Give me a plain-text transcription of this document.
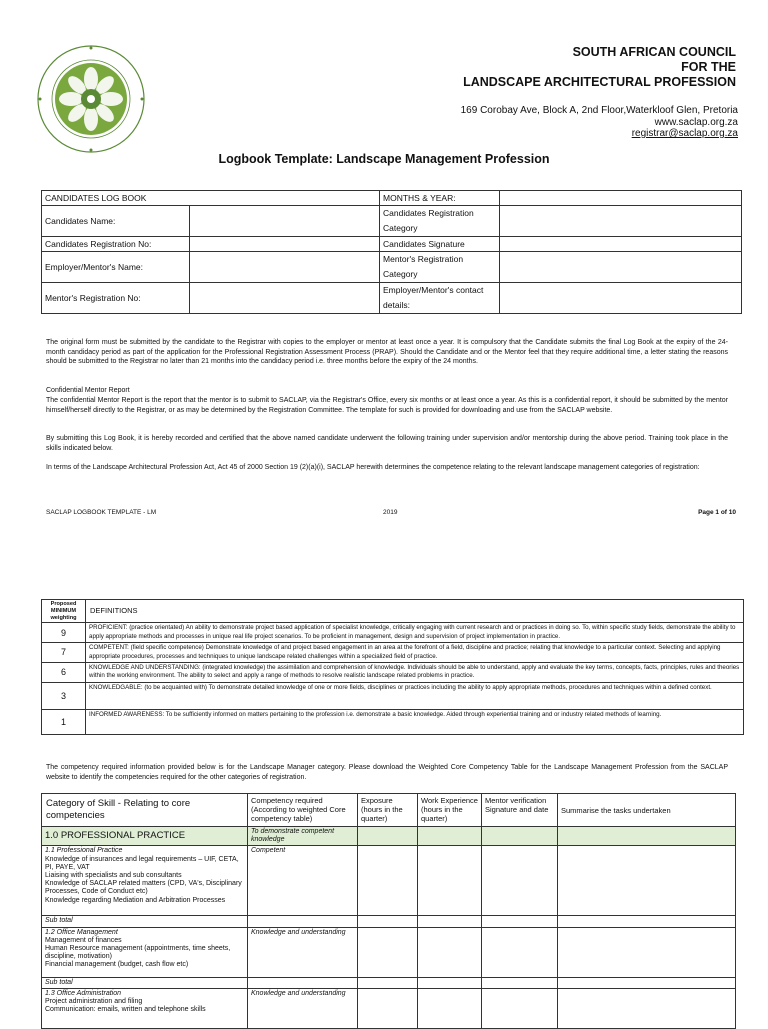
SOUTH AFRICAN COUNCIL
FOR THE
LANDSCAPE ARCHITECTURAL PROFESSION
169 Corobay Ave, Block A, 2nd Floor,Waterkloof Glen, Pretoria
www.saclap.org.za
registrar@saclap.org.za
Logbook Template: Landscape Management Profession
CANDIDATES LOG BOOK		MONTHS & YEAR:	
Candidates Name:		Candidates Registration
Category	
Candidates Registration No:		Candidates Signature	
Employer/Mentor's Name:		Mentor's Registration
Category	
Mentor's Registration No:		Employer/Mentor's contact
details:	
The original form must be submitted by the candidate to the Registrar with copies to the employer or mentor at least once a year. It is compulsory that the Candidate submits the final Log Book at the expiry of the 24-month candidacy period as part of the application for the Professional Registration Assessment Process (PRAP). Should the Candidate and or the Mentor feel that they require additional time, a letter stating the reasons should be submitted to the Registrar no later than 21 months into the candidacy period i.e. three months before the expiry of the 24 months.
Confidential Mentor Report
The confidential Mentor Report is the report that the mentor is to submit to SACLAP, via the Registrar's Office, every six months or at least once a year. As this is a confidential report, it should be submitted by the mentor himself/herself directly to the Registrar, or as may be determined by the Registration Committee. The template for such is provided for downloading and use from the SACLAP website.
By submitting this Log Book, it is hereby recorded and certified that the above named candidate underwent the following training under supervision and/or mentorship during the above period. Training took place in the skills indicated below.
In terms of the Landscape Architectural Profession Act, Act 45 of 2000 Section 19 (2)(a)(i), SACLAP herewith determines the competence relating to the relevant landscape management categories of registration:
SACLAP LOGBOOK TEMPLATE - LM	2019	Page 1 of 10
Proposed MINIMUM weighting	DEFINITIONS
9	PROFICIENT: (practice orientated) An ability to demonstrate project based application of specialist knowledge, critically engaging with current research and or practices in doing so. To, within specific study fields, demonstrate the ability to apply appropriate methods and processes in unique real life project scenarios. To be proficient in management, design and supervision of project implementation in practice.
7	COMPETENT: (field specific competence) Demonstrate knowledge of and project based engagement in an area at the forefront of a field, discipline and practice; relating that knowledge to a particular context. Selecting and applying appropriate procedures, processes and techniques to unique landscape related challenges within a specialized field of practice.
6	KNOWLEDGE AND UNDERSTANDING: (integrated knowledge) the assimilation and comprehension of knowledge. Individuals should be able to understand, apply and evaluate the key terms, concepts, facts, principles, rules and theories within the working environment. The ability to select and apply a range of methods to resolve realistic landscape related problems in practice.
3	KNOWLEDGABLE: (to be acquainted with) To demonstrate detailed knowledge of one or more fields, disciplines or practices including the ability to apply appropriate methods, procedures and techniques within a defined context.
1	INFORMED AWARENESS: To be sufficiently informed on matters pertaining to the profession i.e. demonstrate a basic knowledge. Aided through experiential training and or industry related methods of learning.
The competency required information provided below is for the Landscape Manager category. Please download the Weighted Core Competency Table for the Landscape Management Profession from the SACLAP website to identify the competencies required for the other categories of registration.
Category of Skill - Relating to core competencies	Competency required (According to weighted Core competency table)	Exposure (hours in the quarter)	Work Experience (hours in the quarter)	Mentor verification Signature and date	Summarise the tasks undertaken
1.0 PROFESSIONAL PRACTICE	To demonstrate competent knowledge				

1.1 Professional Practice
Knowledge of insurances and legal requirements – UIF, CETA, PI, PAYE, VAT
Liaising with specialists and sub consultants
Knowledge of SACLAP related matters (CPD, VA's, Disciplinary Processes, Code of Conduct etc)
Knowledge regarding Mediation and Arbitration Processes	Competent				
Sub total					

1.2 Office Management
Management of finances
Human Resource management (appointments, time sheets, discipline, motivation)
Financial management (budget, cash flow etc)	Knowledge and understanding				
Sub total					

1.3 Office Administration
Project administration and filing
Communication: emails, written and telephone skills	Knowledge and understanding				
